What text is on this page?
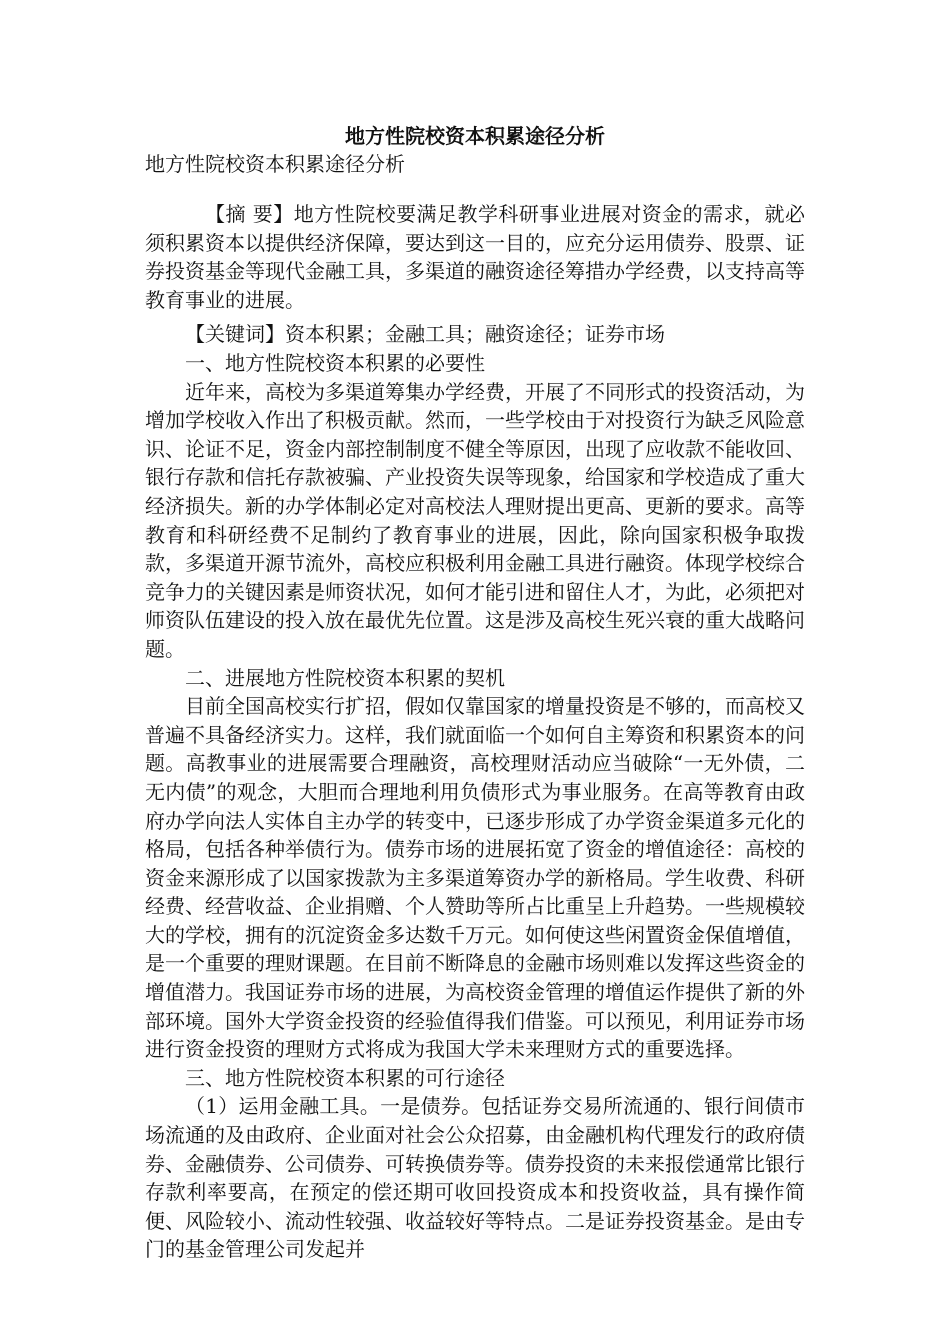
地方性院校资本积累途径分析

地方性院校资本积累途径分析

【摘 要】地方性院校要满足教学科研事业进展对资金的需求，就必须积累资本以提供经济保障，要达到这一目的，应充分运用债券、股票、证券投资基金等现代金融工具，多渠道的融资途径筹措办学经费，以支持高等教育事业的进展。

【关键词】资本积累；金融工具；融资途径；证券市场

一、地方性院校资本积累的必要性

近年来，高校为多渠道筹集办学经费，开展了不同形式的投资活动，为增加学校收入作出了积极贡献。然而，一些学校由于对投资行为缺乏风险意识、论证不足，资金内部控制制度不健全等原因，出现了应收款不能收回、银行存款和信托存款被骗、产业投资失误等现象，给国家和学校造成了重大经济损失。新的办学体制必定对高校法人理财提出更高、更新的要求。高等教育和科研经费不足制约了教育事业的进展，因此，除向国家积极争取拨款，多渠道开源节流外，高校应积极利用金融工具进行融资。体现学校综合竞争力的关键因素是师资状况，如何才能引进和留住人才，为此，必须把对师资队伍建设的投入放在最优先位置。这是涉及高校生死兴衰的重大战略问题。

二、进展地方性院校资本积累的契机

目前全国高校实行扩招，假如仅靠国家的增量投资是不够的，而高校又普遍不具备经济实力。这样，我们就面临一个如何自主筹资和积累资本的问题。高教事业的进展需要合理融资，高校理财活动应当破除“一无外债，二无内债”的观念，大胆而合理地利用负债形式为事业服务。在高等教育由政府办学向法人实体自主办学的转变中，已逐步形成了办学资金渠道多元化的格局，包括各种举债行为。债券市场的进展拓宽了资金的增值途径：高校的资金来源形成了以国家拨款为主多渠道筹资办学的新格局。学生收费、科研经费、经营收益、企业捐赠、个人赞助等所占比重呈上升趋势。一些规模较大的学校，拥有的沉淀资金多达数千万元。如何使这些闲置资金保值增值，是一个重要的理财课题。在目前不断降息的金融市场则难以发挥这些资金的增值潜力。我国证券市场的进展，为高校资金管理的增值运作提供了新的外部环境。国外大学资金投资的经验值得我们借鉴。可以预见，利用证券市场进行资金投资的理财方式将成为我国大学未来理财方式的重要选择。

三、地方性院校资本积累的可行途径

（1）运用金融工具。一是债券。包括证券交易所流通的、银行间债市场流通的及由政府、企业面对社会公众招募，由金融机构代理发行的政府债券、金融债券、公司债券、可转换债券等。债券投资的未来报偿通常比银行存款利率要高，在预定的偿还期可收回投资成本和投资收益，具有操作简便、风险较小、流动性较强、收益较好等特点。二是证券投资基金。是由专门的基金管理公司发起并
